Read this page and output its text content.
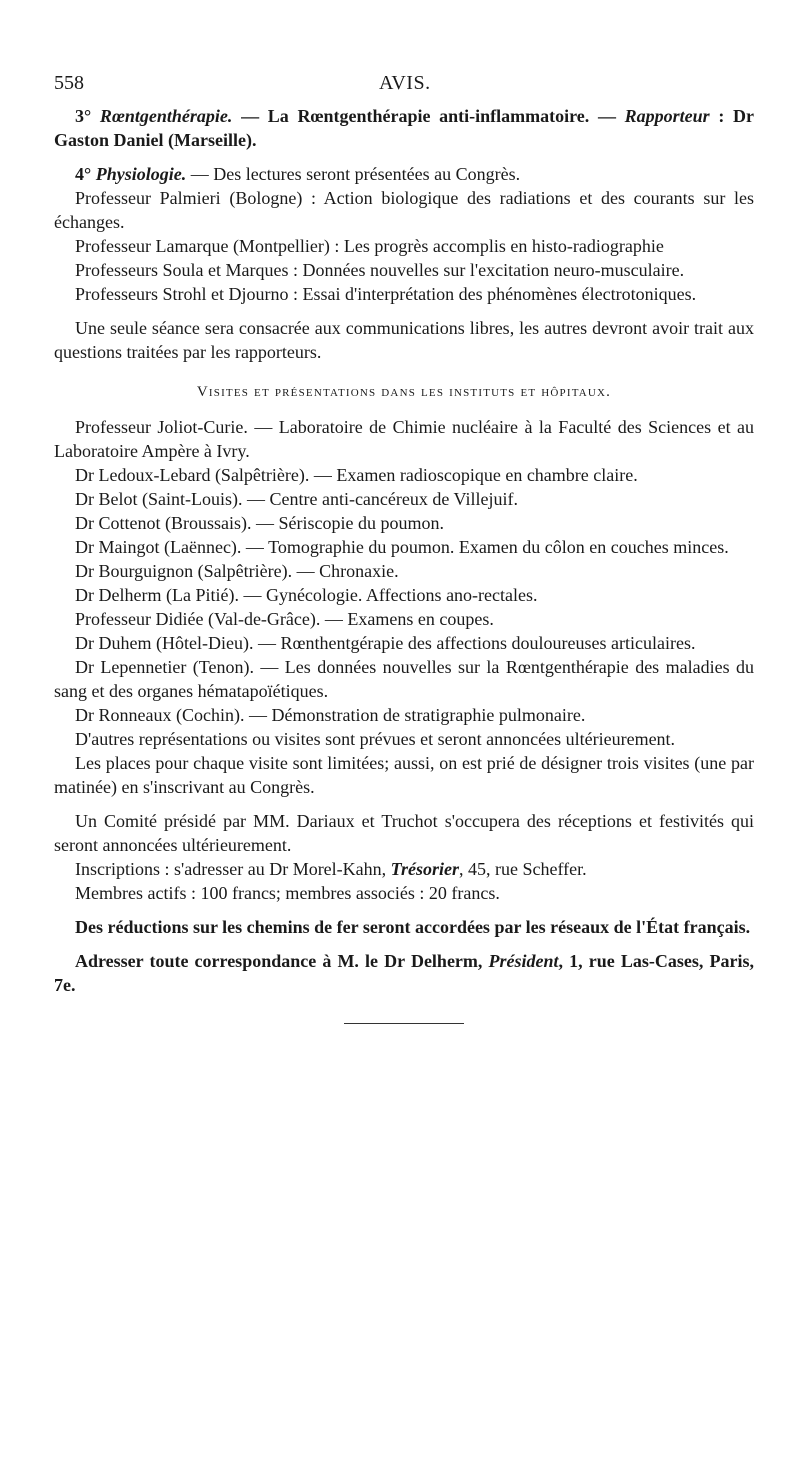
558	AVIS.

3° Rœntgenthérapie. — La Rœntgenthérapie anti-inflammatoire. — Rapporteur : Dr Gaston Daniel (Marseille).

4° Physiologie. — Des lectures seront présentées au Congrès.

Professeur Palmieri (Bologne) : Action biologique des radiations et des courants sur les échanges.

Professeur Lamarque (Montpellier) : Les progrès accomplis en histo-radiographie

Professeurs Soula et Marques : Données nouvelles sur l'excitation neuro-musculaire.

Professeurs Strohl et Djourno : Essai d'interprétation des phénomènes électrotoniques.

Une seule séance sera consacrée aux communications libres, les autres devront avoir trait aux questions traitées par les rapporteurs.

Visites et présentations dans les instituts et hôpitaux.

Professeur Joliot-Curie. — Laboratoire de Chimie nucléaire à la Faculté des Sciences et au Laboratoire Ampère à Ivry.

Dr Ledoux-Lebard (Salpêtrière). — Examen radioscopique en chambre claire.

Dr Belot (Saint-Louis). — Centre anti-cancéreux de Villejuif.

Dr Cottenot (Broussais). — Sériscopie du poumon.

Dr Maingot (Laënnec). — Tomographie du poumon. Examen du côlon en couches minces.

Dr Bourguignon (Salpêtrière). — Chronaxie.

Dr Delherm (La Pitié). — Gynécologie. Affections ano-rectales.

Professeur Didiée (Val-de-Grâce). — Examens en coupes.

Dr Duhem (Hôtel-Dieu). — Rœnthentgérapie des affections douloureuses articulaires.

Dr Lepennetier (Tenon). — Les données nouvelles sur la Rœntgenthérapie des maladies du sang et des organes hématapoïétiques.

Dr Ronneaux (Cochin). — Démonstration de stratigraphie pulmonaire.

D'autres représentations ou visites sont prévues et seront annoncées ultérieurement.

Les places pour chaque visite sont limitées; aussi, on est prié de désigner trois visites (une par matinée) en s'inscrivant au Congrès.

Un Comité présidé par MM. Dariaux et Truchot s'occupera des réceptions et festivités qui seront annoncées ultérieurement.

Inscriptions : s'adresser au Dr Morel-Kahn, Trésorier, 45, rue Scheffer.

Membres actifs : 100 francs; membres associés : 20 francs.

Des réductions sur les chemins de fer seront accordées par les réseaux de l'État français.

Adresser toute correspondance à M. le Dr Delherm, Président, 1, rue Las-Cases, Paris, 7e.
